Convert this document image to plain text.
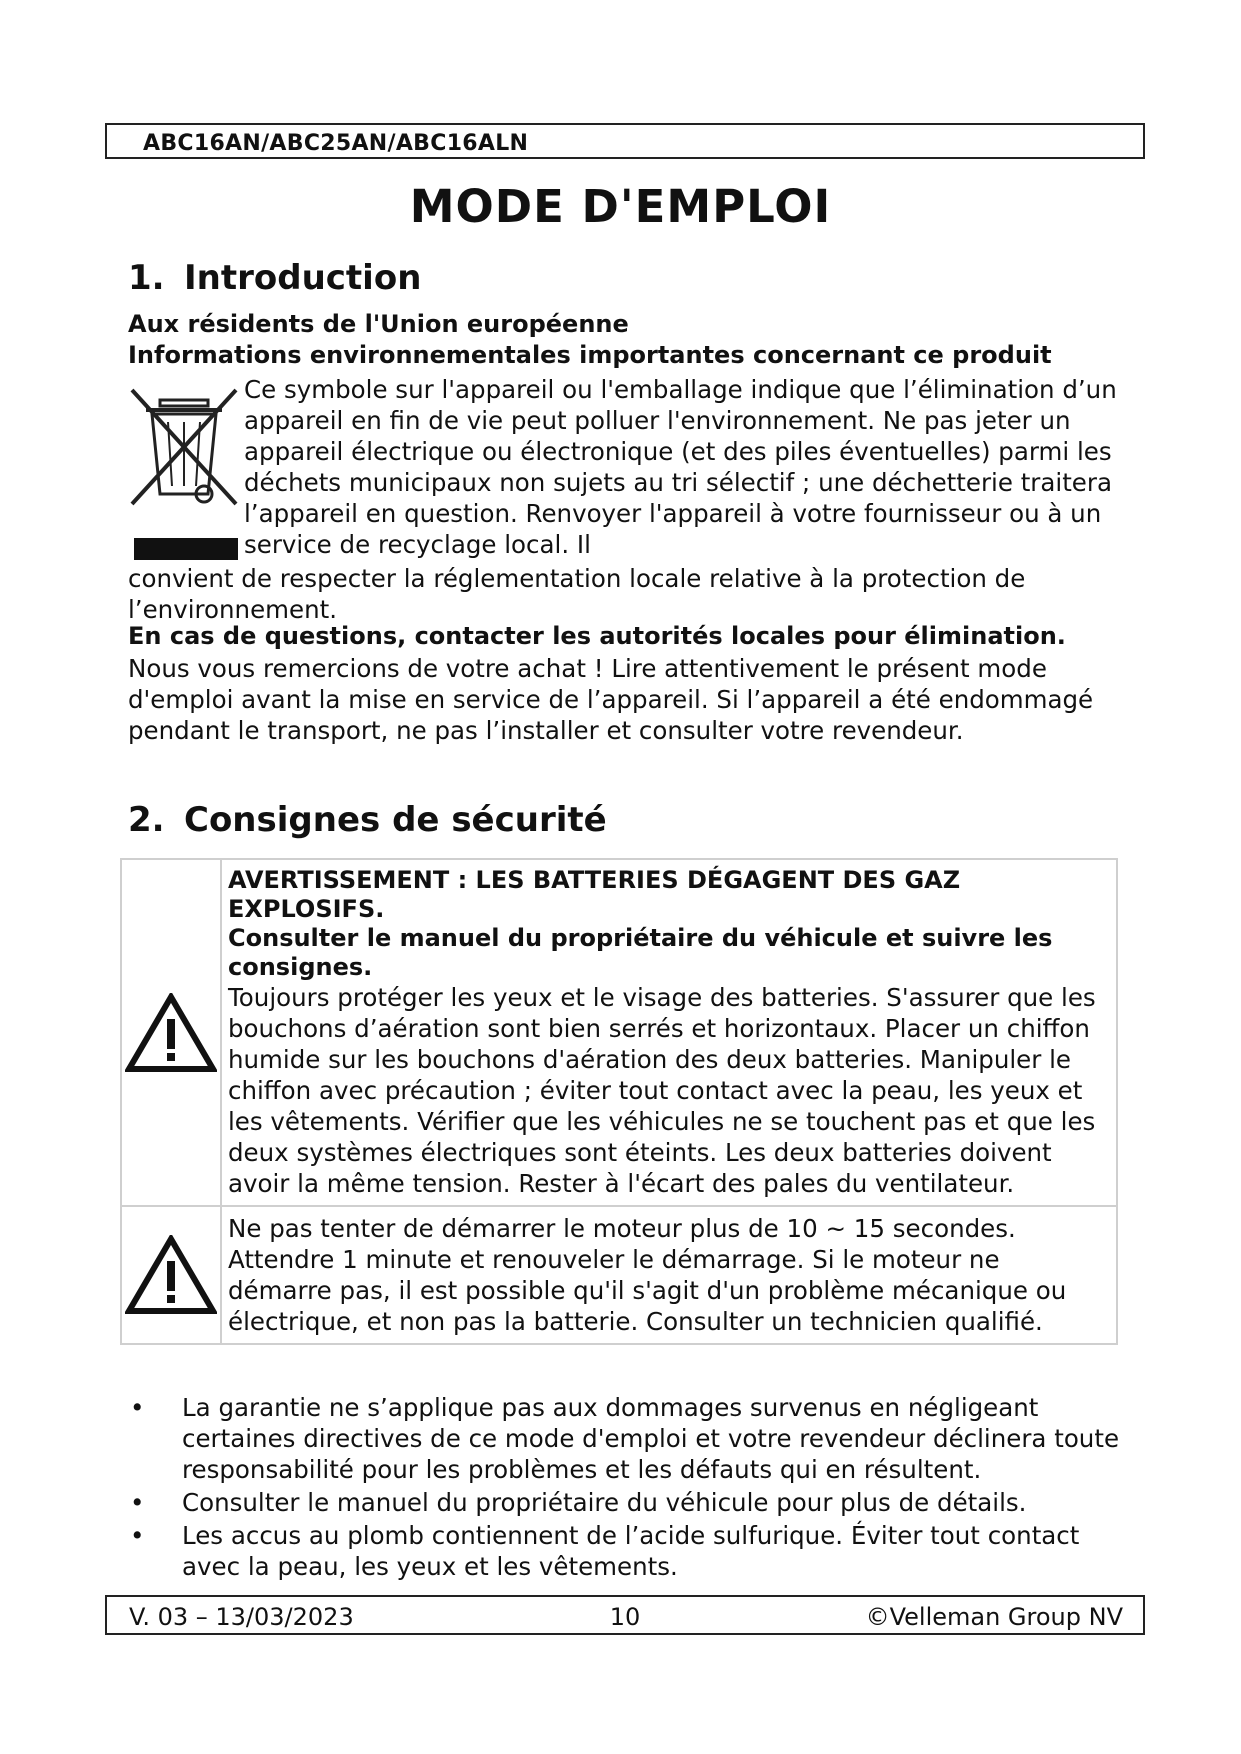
ABC16AN/ABC25AN/ABC16ALN
MODE D'EMPLOI
1. Introduction
Aux résidents de l'Union européenne
Informations environnementales importantes concernant ce produit
Ce symbole sur l'appareil ou l'emballage indique que l’élimination d’un appareil en fin de vie peut polluer l'environnement. Ne pas jeter un appareil électrique ou électronique (et des piles éventuelles) parmi les déchets municipaux non sujets au tri sélectif ; une déchetterie traitera l’appareil en question. Renvoyer l'appareil à votre fournisseur ou à un service de recyclage local. Il
convient de respecter la réglementation locale relative à la protection de l’environnement.
En cas de questions, contacter les autorités locales pour élimination.
Nous vous remercions de votre achat ! Lire attentivement le présent mode d'emploi avant la mise en service de l’appareil. Si l’appareil a été endommagé pendant le transport, ne pas l’installer et consulter votre revendeur.
2. Consignes de sécurité

AVERTISSEMENT : LES BATTERIES DÉGAGENT DES GAZ EXPLOSIFS.
Consulter le manuel du propriétaire du véhicule et suivre les consignes.
Toujours protéger les yeux et le visage des batteries. S'assurer que les bouchons d’aération sont bien serrés et horizontaux. Placer un chiffon humide sur les bouchons d'aération des deux batteries. Manipuler le chiffon avec précaution ; éviter tout contact avec la peau, les yeux et les vêtements. Vérifier que les véhicules ne se touchent pas et que les deux systèmes électriques sont éteints. Les deux batteries doivent avoir la même tension. Rester à l'écart des pales du ventilateur.

Ne pas tenter de démarrer le moteur plus de 10 ~ 15 secondes. Attendre 1 minute et renouveler le démarrage. Si le moteur ne démarre pas, il est possible qu'il s'agit d'un problème mécanique ou électrique, et non pas la batterie. Consulter un technicien qualifié.
• La garantie ne s’applique pas aux dommages survenus en négligeant certaines directives de ce mode d'emploi et votre revendeur déclinera toute responsabilité pour les problèmes et les défauts qui en résultent.
• Consulter le manuel du propriétaire du véhicule pour plus de détails.
• Les accus au plomb contiennent de l’acide sulfurique. Éviter tout contact avec la peau, les yeux et les vêtements.
V. 03 – 13/03/2023	10	©Velleman Group NV
